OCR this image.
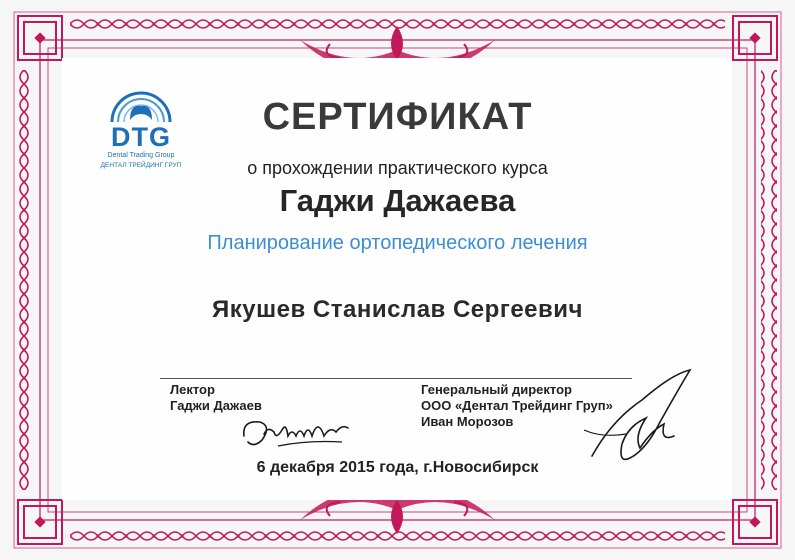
DTG
Dental Trading Group
ДЕНТАЛ ТРЕЙДИНГ ГРУП
СЕРТИФИКАТ
о прохождении практического курса
Гаджи Дажаева
Планирование ортопедического лечения
Якушев Станислав Сергеевич
Лектор
Гаджи Дажаев
Генеральный директор
ООО «Дентал Трейдинг Груп»
Иван Морозов
6 декабря 2015 года, г.Новосибирск
